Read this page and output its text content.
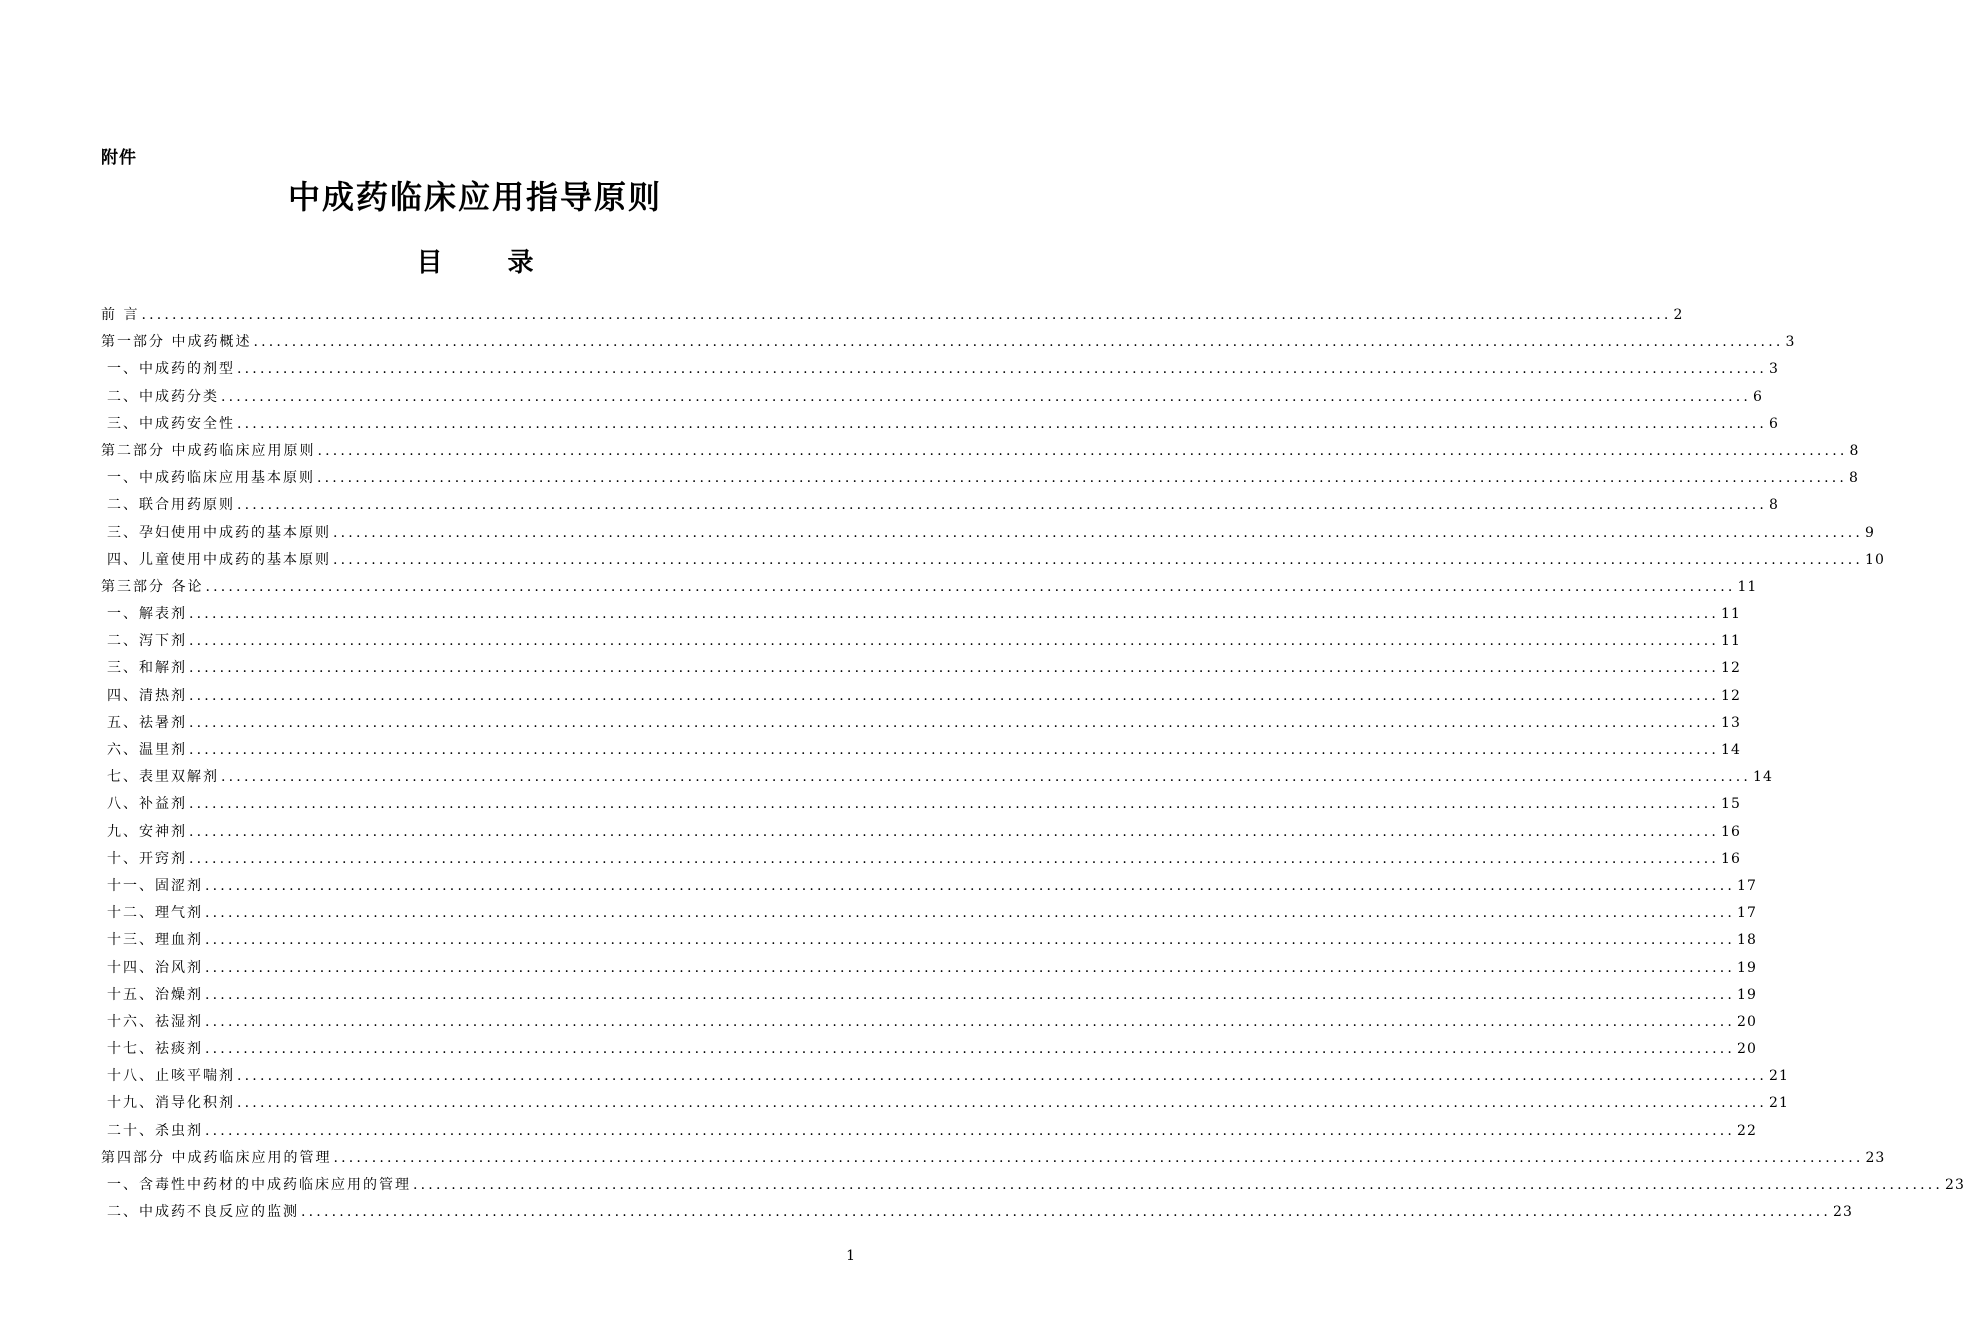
附件
中成药临床应用指导原则
目 录
前 言 ........................................................................................................................................................................................................ 2
第一部分 中成药概述 ........................................................................................................................................................................................................ 3
一、中成药的剂型 ........................................................................................................................................................................................................ 3
二、中成药分类 ........................................................................................................................................................................................................ 6
三、中成药安全性 ........................................................................................................................................................................................................ 6
第二部分 中成药临床应用原则 ........................................................................................................................................................................................................ 8
一、中成药临床应用基本原则 ........................................................................................................................................................................................................ 8
二、联合用药原则 ........................................................................................................................................................................................................ 8
三、孕妇使用中成药的基本原则 ........................................................................................................................................................................................................ 9
四、儿童使用中成药的基本原则 ........................................................................................................................................................................................................ 10
第三部分 各论 ........................................................................................................................................................................................................ 11
一、解表剂 ........................................................................................................................................................................................................ 11
二、泻下剂 ........................................................................................................................................................................................................ 11
三、和解剂 ........................................................................................................................................................................................................ 12
四、清热剂 ........................................................................................................................................................................................................ 12
五、祛暑剂 ........................................................................................................................................................................................................ 13
六、温里剂 ........................................................................................................................................................................................................ 14
七、表里双解剂 ........................................................................................................................................................................................................ 14
八、补益剂 ........................................................................................................................................................................................................ 15
九、安神剂 ........................................................................................................................................................................................................ 16
十、开窍剂 ........................................................................................................................................................................................................ 16
十一、固涩剂 ........................................................................................................................................................................................................ 17
十二、理气剂 ........................................................................................................................................................................................................ 17
十三、理血剂 ........................................................................................................................................................................................................ 18
十四、治风剂 ........................................................................................................................................................................................................ 19
十五、治燥剂 ........................................................................................................................................................................................................ 19
十六、祛湿剂 ........................................................................................................................................................................................................ 20
十七、祛痰剂 ........................................................................................................................................................................................................ 20
十八、止咳平喘剂 ........................................................................................................................................................................................................ 21
十九、消导化积剂 ........................................................................................................................................................................................................ 21
二十、杀虫剂 ........................................................................................................................................................................................................ 22
第四部分 中成药临床应用的管理 ........................................................................................................................................................................................................ 23
一、含毒性中药材的中成药临床应用的管理 ........................................................................................................................................................................................................ 23
二、中成药不良反应的监测 ........................................................................................................................................................................................................ 23
1
